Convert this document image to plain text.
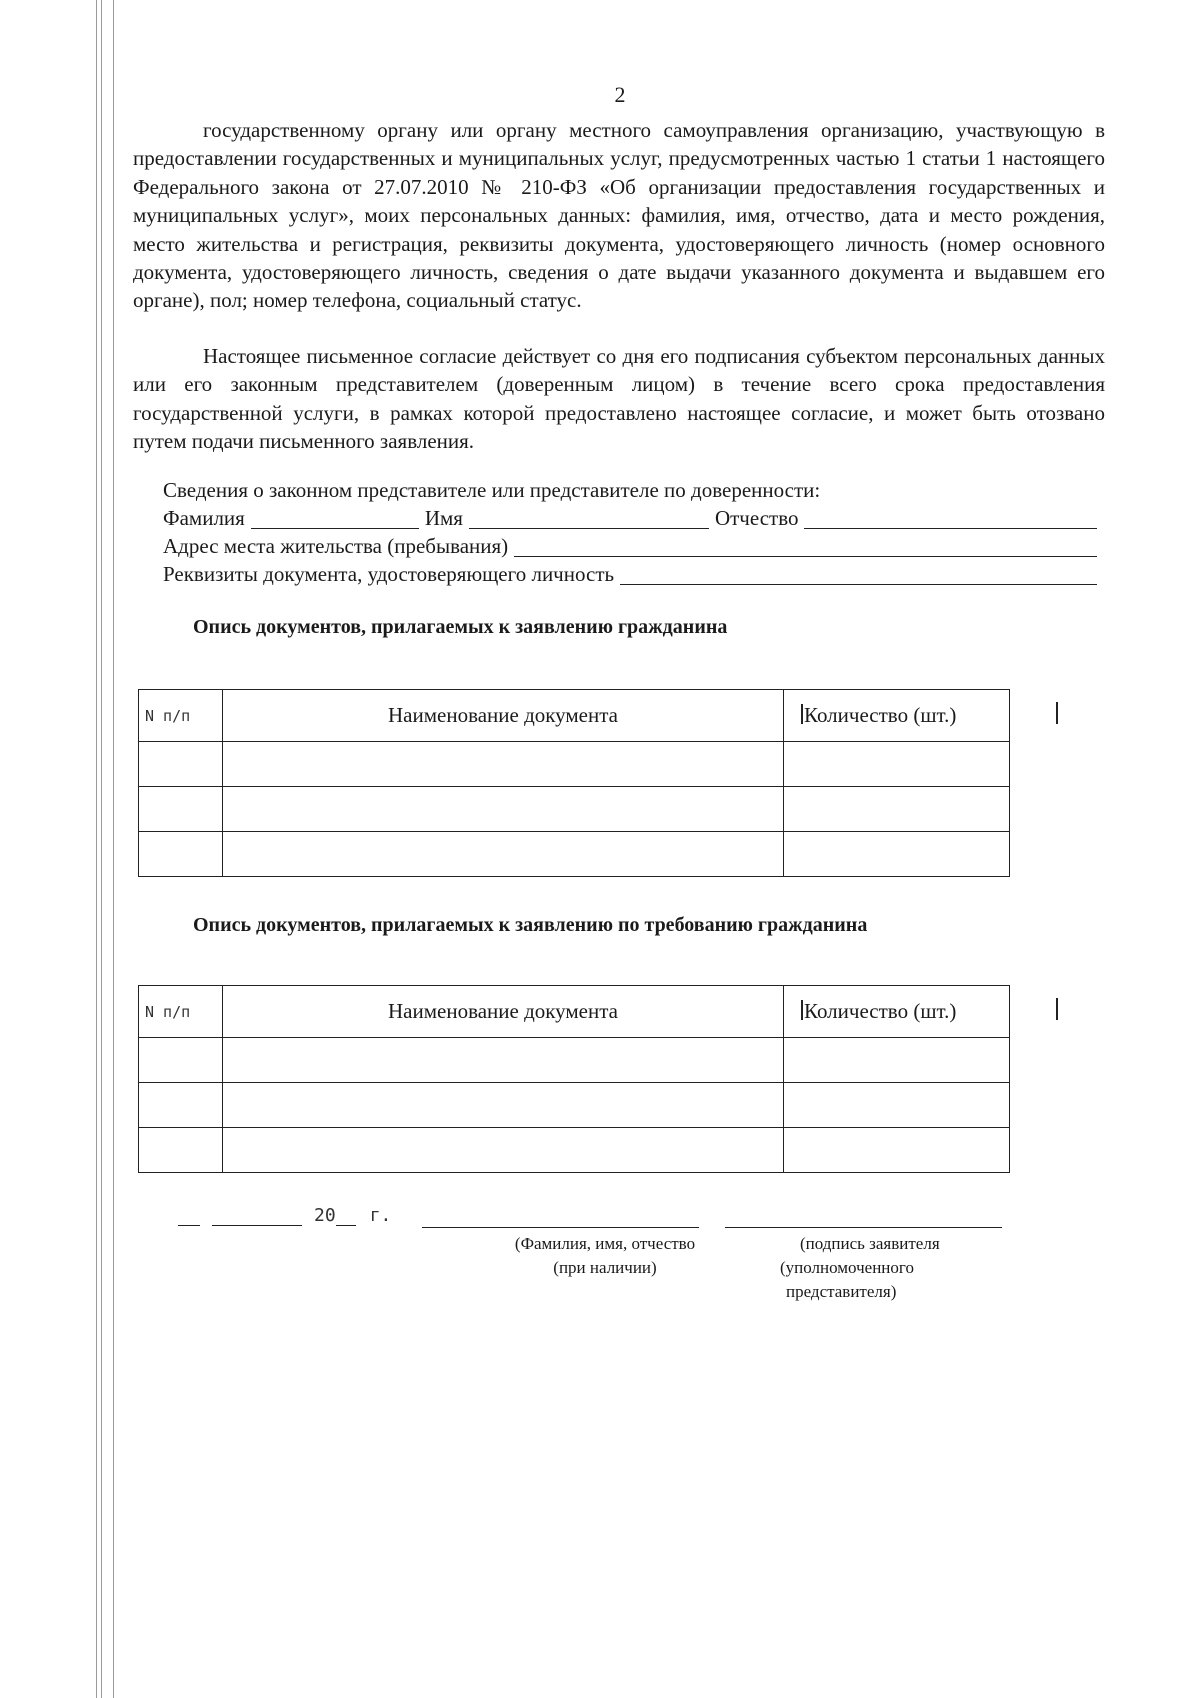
2

государственному органу или органу местного самоуправления организацию, участвующую в предоставлении государственных и муниципальных услуг, предусмотренных частью 1 статьи 1 настоящего Федерального закона от 27.07.2010 № 210-ФЗ «Об организации предоставления государственных и муниципальных услуг», моих персональных данных: фамилия, имя, отчество, дата и место рождения, место жительства и регистрация, реквизиты документа, удостоверяющего личность (номер основного документа, удостоверяющего личность, сведения о дате выдачи указанного документа и выдавшем его органе), пол; номер телефона, социальный статус.

Настоящее письменное согласие действует со дня его подписания субъектом персональных данных или его законным представителем (доверенным лицом) в течение всего срока предоставления государственной услуги, в рамках которой предоставлено настоящее согласие, и может быть отозвано путем подачи письменного заявления.

Сведения о законном представителе или представителе по доверенности:
Фамилия	Имя	Отчество
Адрес места жительства (пребывания)
Реквизиты документа, удостоверяющего личность
Опись документов, прилагаемых к заявлению гражданина
N п/п	Наименование документа	Количество (шт.)

Опись документов, прилагаемых к заявлению по требованию гражданина
N п/п	Наименование документа	Количество (шт.)

20 г.
(Фамилия, имя, отчество
(при наличии)
(подпись заявителя
(уполномоченного
представителя)
